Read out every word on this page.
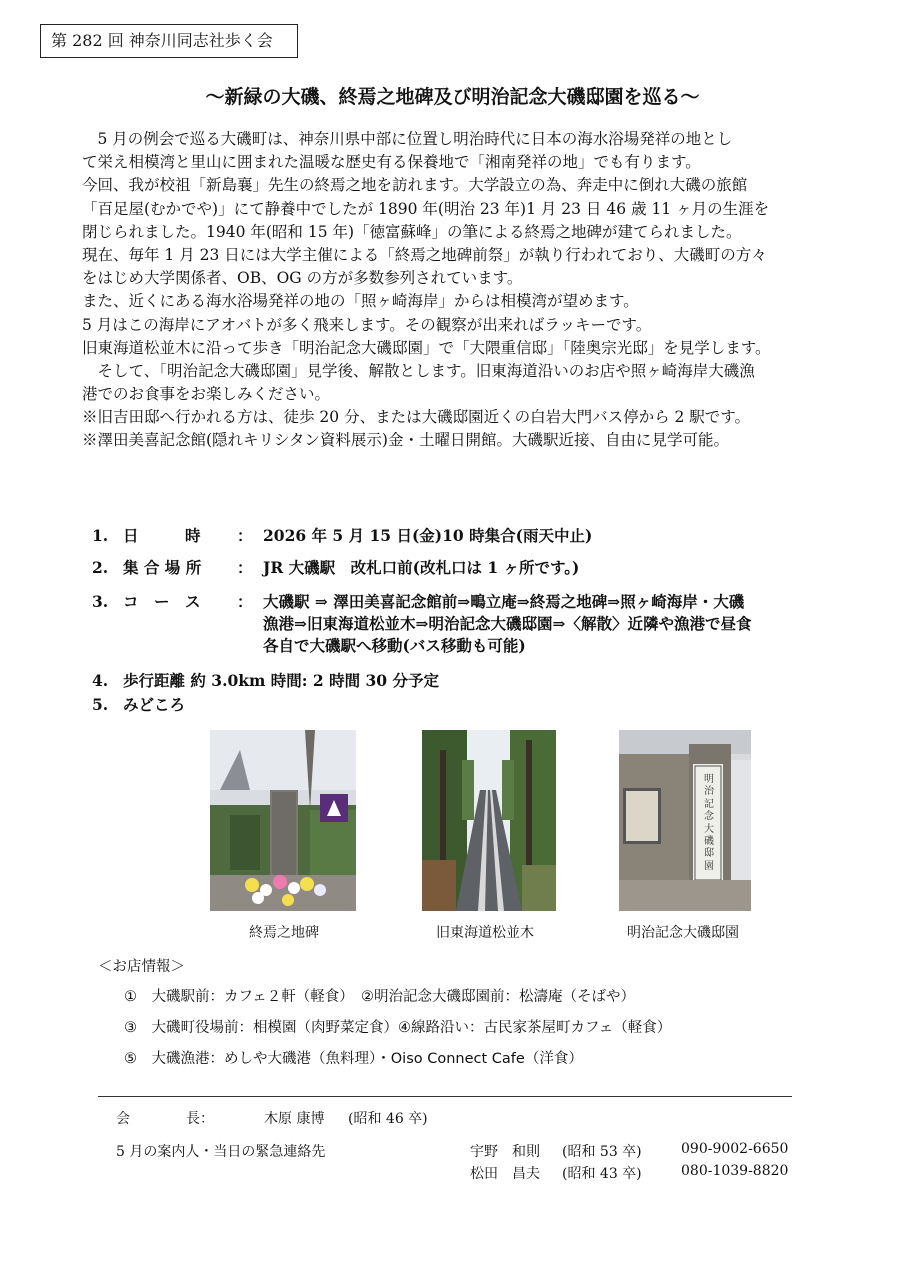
第 282 回 神奈川同志社歩く会
～新緑の大磯、終焉之地碑及び明治記念大磯邸園を巡る～
　5 月の例会で巡る大磯町は、神奈川県中部に位置し明治時代に日本の海水浴場発祥の地とし
て栄え相模湾と里山に囲まれた温暖な歴史有る保養地で「湘南発祥の地」でも有ります。
今回、我が校祖「新島襄」先生の終焉之地を訪れます。大学設立の為、奔走中に倒れ大磯の旅館
「百足屋(むかでや)」にて静養中でしたが 1890 年(明治 23 年)1 月 23 日 46 歳 11 ヶ月の生涯を
閉じられました。1940 年(昭和 15 年)「徳富蘇峰」の筆による終焉之地碑が建てられました。
現在、毎年 1 月 23 日には大学主催による「終焉之地碑前祭」が執り行われており、大磯町の方々
をはじめ大学関係者、OB、OG の方が多数参列されています。
また、近くにある海水浴場発祥の地の「照ヶ崎海岸」からは相模湾が望めます。
5 月はこの海岸にアオバトが多く飛来します。その観察が出来ればラッキーです。
旧東海道松並木に沿って歩き「明治記念大磯邸園」で「大隈重信邸」「陸奥宗光邸」を見学します。
　そして、「明治記念大磯邸園」見学後、解散とします。旧東海道沿いのお店や照ヶ崎海岸大磯漁
港でのお食事をお楽しみください。
※旧吉田邸へ行かれる方は、徒歩 20 分、または大磯邸園近くの白岩大門バス停から 2 駅です。
※澤田美喜記念館(隠れキリシタン資料展示)金・土曜日開館。大磯駅近接、自由に見学可能。
1. 日　　　時 ： 2026 年 5 月 15 日(金)10 時集合(雨天中止)
2. 集 合 場 所 ： JR 大磯駅　改札口前(改札口は 1 ヶ所です。)
3. コ　ー　ス ： 大磯駅 ⇒ 澤田美喜記念館前⇒鴫立庵⇒終焉之地碑⇒照ヶ崎海岸・大磯
漁港⇒旧東海道松並木⇒明治記念大磯邸園⇒〈解散〉近隣や漁港で昼食
各自で大磯駅へ移動(バス移動も可能)
4. 歩行距離 約 3.0km 時間: 2 時間 30 分予定
5. みどころ
明治記念大磯邸園
終焉之地碑	旧東海道松並木	明治記念大磯邸園
＜お店情報＞
①　大磯駅前：カフェ２軒（軽食）　②明治記念大磯邸園前：松濤庵（そばや）
③　大磯町役場前：相模園（肉野菜定食）④線路沿い：古民家茶屋町カフェ（軽食）
⑤　大磯漁港：めしや大磯港（魚料理）・Oiso Connect Cafe（洋食）
会　　　　長：	木原 康博 (昭和 46 卒)
5 月の案内人・当日の緊急連絡先	宇野　和則 (昭和 53 卒)	090-9002-6650
松田　昌夫 (昭和 43 卒)	080-1039-8820
